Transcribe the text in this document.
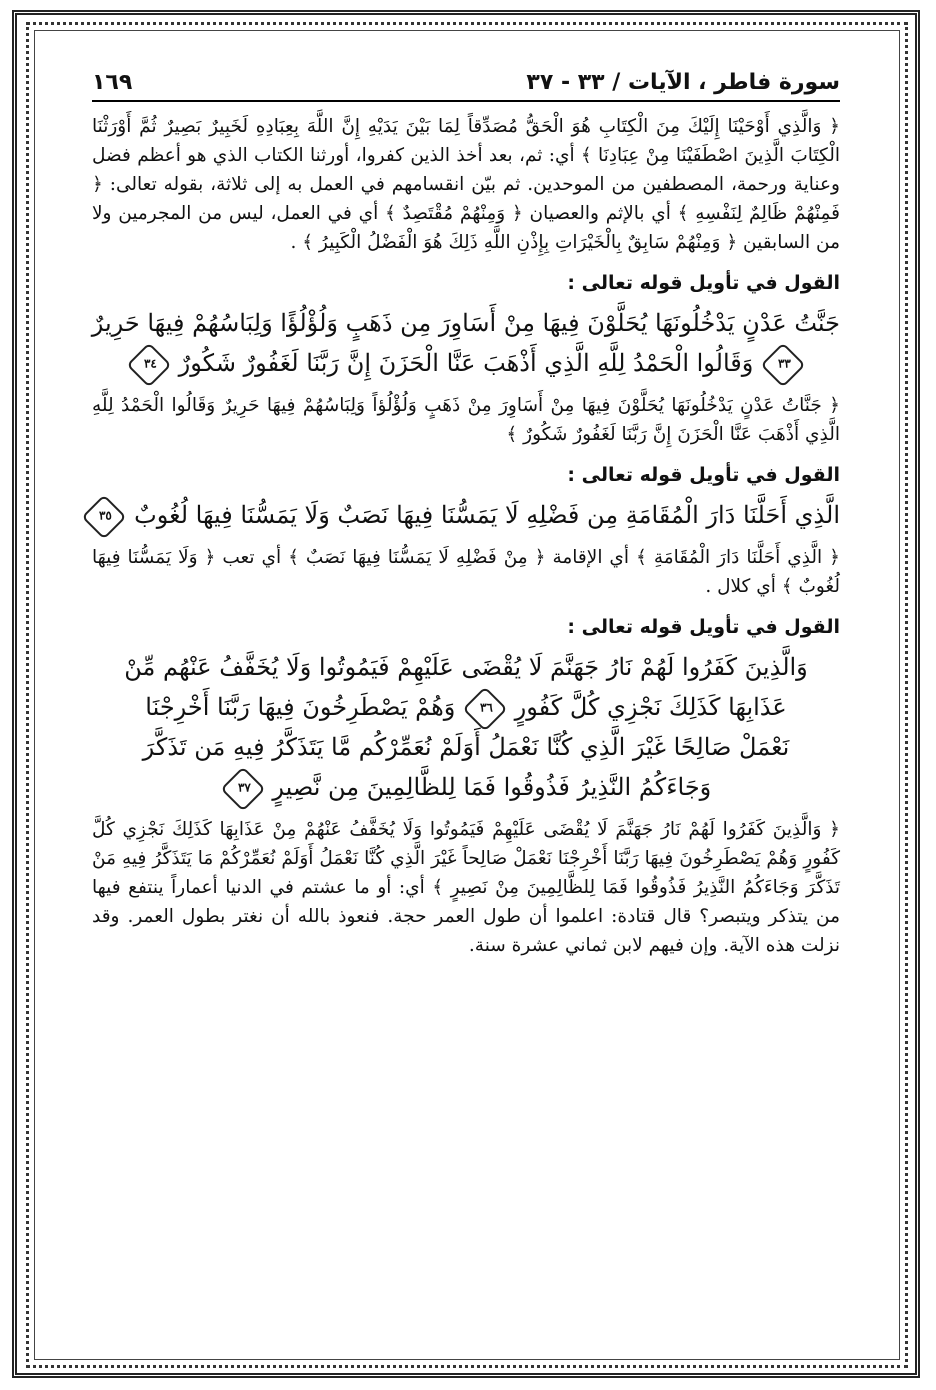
سورة فاطر ، الآيات / ٣٣ - ٣٧
١٦٩

﴿ وَالَّذِي أَوْحَيْنَا إِلَيْكَ مِنَ الْكِتَابِ هُوَ الْحَقُّ مُصَدِّقاً لِمَا بَيْنَ يَدَيْهِ إِنَّ اللَّهَ بِعِبَادِهِ لَخَبِيرٌ بَصِيرٌ ثُمَّ أَوْرَثْنَا الْكِتَابَ الَّذِينَ اصْطَفَيْنَا مِنْ عِبَادِنَا ﴾ أي: ثم، بعد أخذ الذين كفروا، أورثنا الكتاب الذي هو أعظم فضل وعناية ورحمة، المصطفين من الموحدين. ثم بيّن انقسامهم في العمل به إلى ثلاثة، بقوله تعالى: ﴿ فَمِنْهُمْ ظَالِمٌ لِنَفْسِهِ ﴾ أي بالإثم والعصيان ﴿ وَمِنْهُمْ مُقْتَصِدٌ ﴾ أي في العمل، ليس من المجرمين ولا من السابقين ﴿ وَمِنْهُمْ سَابِقٌ بِالْخَيْرَاتِ بِإِذْنِ اللَّهِ ذَلِكَ هُوَ الْفَضْلُ الْكَبِيرُ ﴾ .

القول في تأويل قوله تعالى :
جَنَّتُ عَدْنٍ يَدْخُلُونَهَا يُحَلَّوْنَ فِيهَا مِنْ أَسَاوِرَ مِن ذَهَبٍ وَلُؤْلُؤًا وَلِبَاسُهُمْ فِيهَا حَرِيرٌ
٣٣
وَقَالُوا الْحَمْدُ لِلَّهِ الَّذِي أَذْهَبَ عَنَّا الْحَزَنَ إِنَّ رَبَّنَا لَغَفُورٌ شَكُورٌ
٣٤

﴿ جَنَّاتُ عَدْنٍ يَدْخُلُونَهَا يُحَلَّوْنَ فِيهَا مِنْ أَسَاوِرَ مِنْ ذَهَبٍ وَلُؤْلُؤاً وَلِبَاسُهُمْ فِيهَا حَرِيرٌ وَقَالُوا الْحَمْدُ لِلَّهِ الَّذِي أَذْهَبَ عَنَّا الْحَزَنَ إِنَّ رَبَّنَا لَغَفُورٌ شَكُورٌ ﴾

القول في تأويل قوله تعالى :
الَّذِي أَحَلَّنَا دَارَ الْمُقَامَةِ مِن فَضْلِهِ لَا يَمَسُّنَا فِيهَا نَصَبٌ وَلَا يَمَسُّنَا فِيهَا لُغُوبٌ
٣٥

﴿ الَّذِي أَحَلَّنَا دَارَ الْمُقَامَةِ ﴾ أي الإقامة ﴿ مِنْ فَضْلِهِ لَا يَمَسُّنَا فِيهَا نَصَبٌ ﴾ أي تعب ﴿ وَلَا يَمَسُّنَا فِيهَا لُغُوبٌ ﴾ أي كلال .

القول في تأويل قوله تعالى :
وَالَّذِينَ كَفَرُوا لَهُمْ نَارُ جَهَنَّمَ لَا يُقْضَى عَلَيْهِمْ فَيَمُوتُوا وَلَا يُخَفَّفُ عَنْهُم مِّنْ
عَذَابِهَا كَذَلِكَ نَجْزِي كُلَّ كَفُورٍ
٣٦
وَهُمْ يَصْطَرِخُونَ فِيهَا رَبَّنَا أَخْرِجْنَا
نَعْمَلْ صَالِحًا غَيْرَ الَّذِي كُنَّا نَعْمَلُ أَوَلَمْ نُعَمِّرْكُم مَّا يَتَذَكَّرُ فِيهِ مَن تَذَكَّرَ
وَجَاءَكُمُ النَّذِيرُ فَذُوقُوا فَمَا لِلظَّالِمِينَ مِن نَّصِيرٍ
٣٧

﴿ وَالَّذِينَ كَفَرُوا لَهُمْ نَارُ جَهَنَّمَ لَا يُقْضَى عَلَيْهِمْ فَيَمُوتُوا وَلَا يُخَفَّفُ عَنْهُمْ مِنْ عَذَابِهَا كَذَلِكَ نَجْزِي كُلَّ كَفُورٍ وَهُمْ يَصْطَرِخُونَ فِيهَا رَبَّنَا أَخْرِجْنَا نَعْمَلْ صَالِحاً غَيْرَ الَّذِي كُنَّا نَعْمَلُ أَوَلَمْ نُعَمِّرْكُمْ مَا يَتَذَكَّرُ فِيهِ مَنْ تَذَكَّرَ وَجَاءَكُمُ النَّذِيرُ فَذُوقُوا فَمَا لِلظَّالِمِينَ مِنْ نَصِيرٍ ﴾ أي: أو ما عشتم في الدنيا أعماراً ينتفع فيها من يتذكر ويتبصر؟ قال قتادة: اعلموا أن طول العمر حجة. فنعوذ بالله أن نغتر بطول العمر. وقد نزلت هذه الآية. وإن فيهم لابن ثماني عشرة سنة.
